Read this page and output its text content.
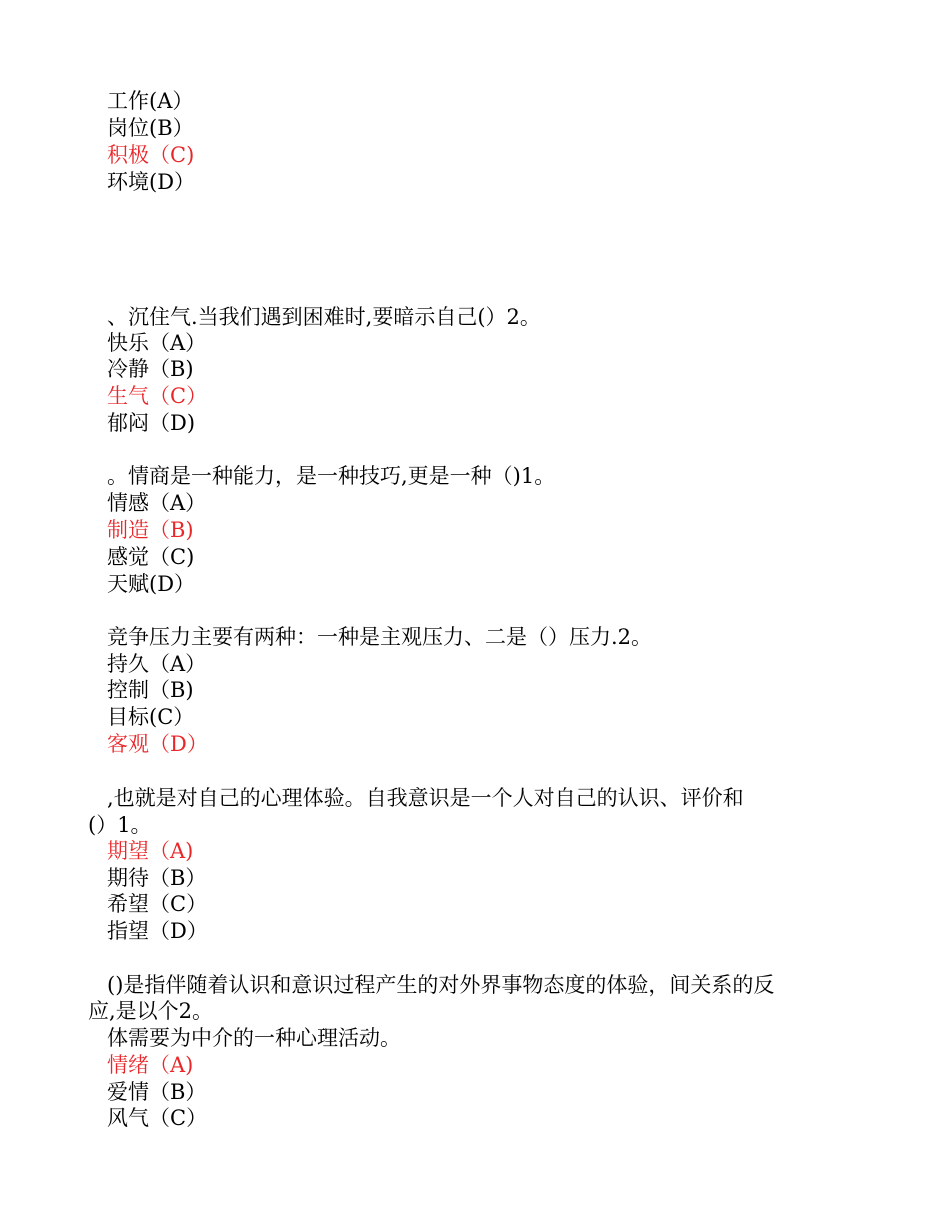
工作(A）
岗位(B）
积极（C)
环境(D）
、沉住气.当我们遇到困难时,要暗示自己(）2。
快乐（A）
冷静（B)
生气（C）
郁闷（D)
。情商是一种能力，是一种技巧,更是一种（)1。
情感（A）
制造（B)
感觉（C)
天赋(D）
竞争压力主要有两种：一种是主观压力、二是（）压力.2。
持久（A）
控制（B)
目标(C）
客观（D）
,也就是对自己的心理体验。自我意识是一个人对自己的认识、评价和
(）1。
期望（A)
期待（B）
希望（C）
指望（D）
()是指伴随着认识和意识过程产生的对外界事物态度的体验，间关系的反
应,是以个2。
体需要为中介的一种心理活动。
情绪（A)
爱情（B）
风气（C）
